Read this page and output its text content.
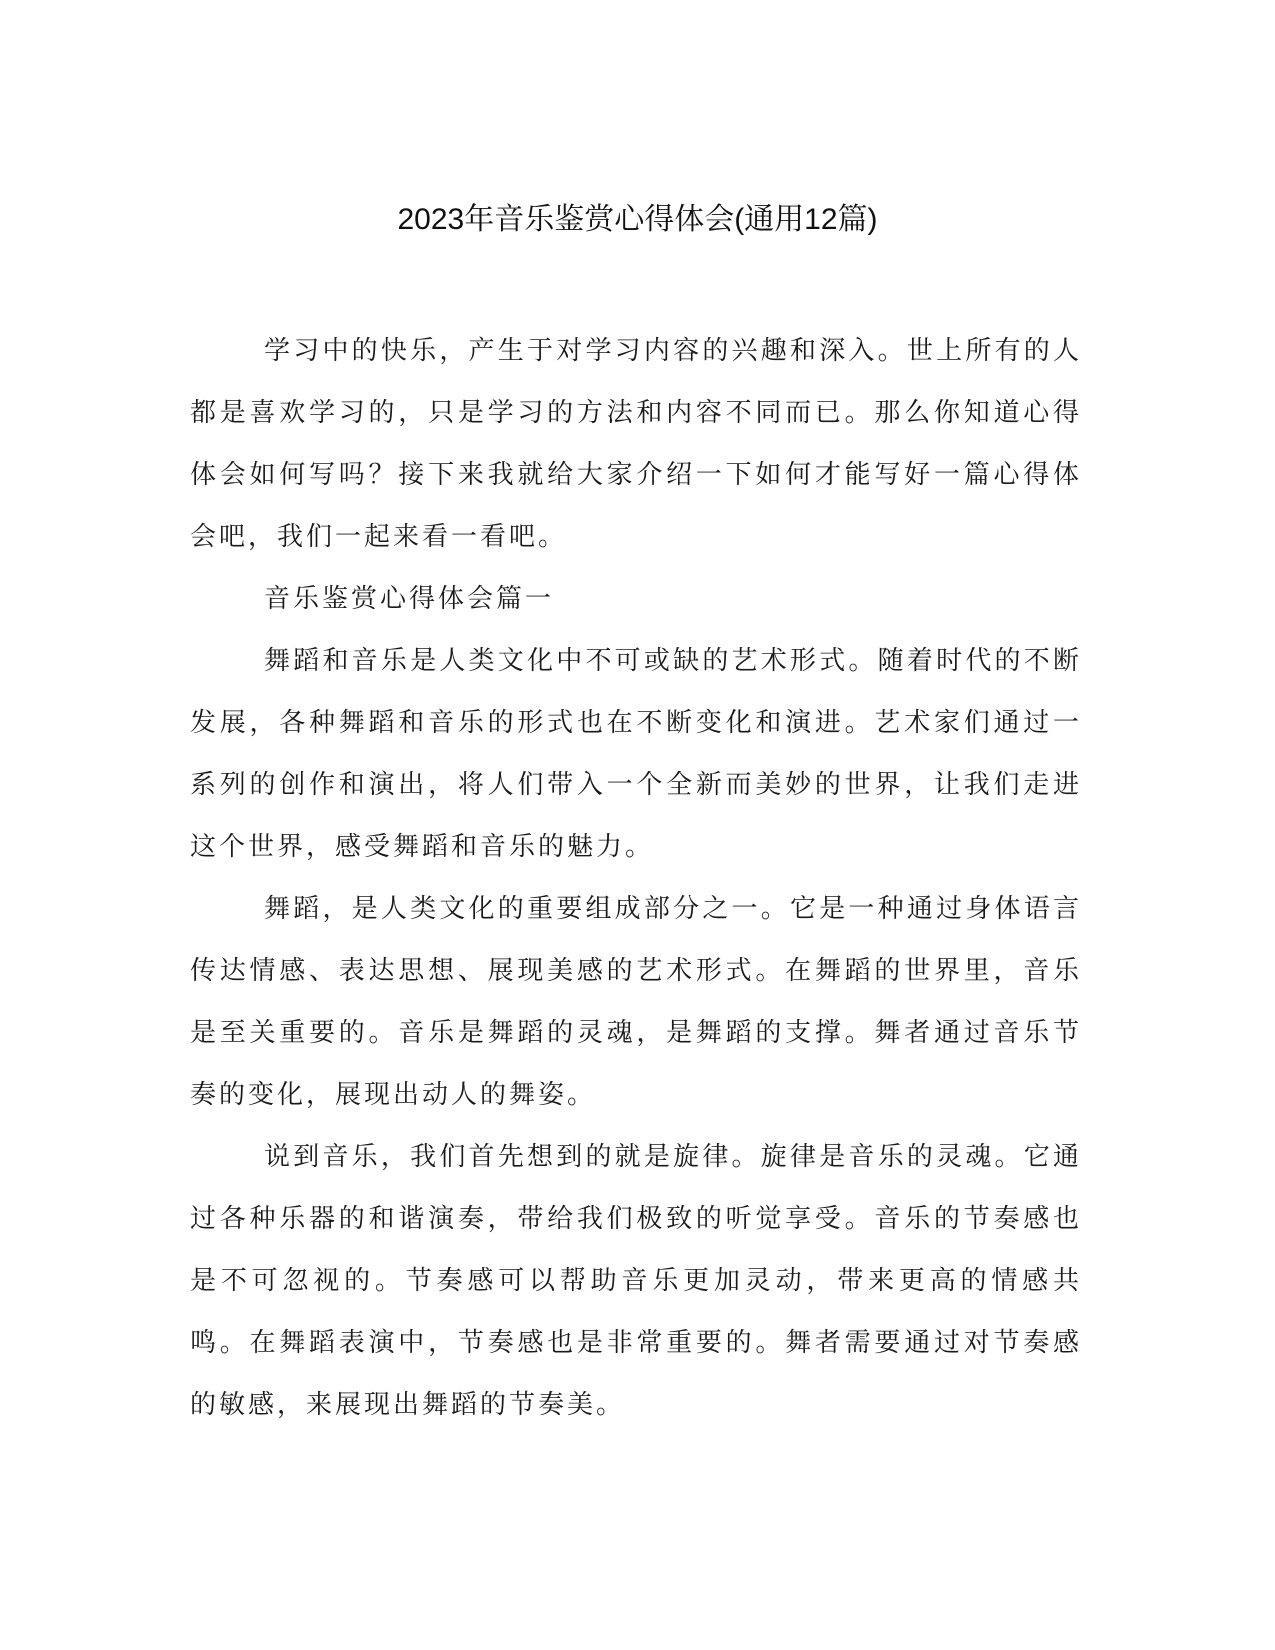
2023年音乐鉴赏心得体会(通用12篇)

学习中的快乐，产生于对学习内容的兴趣和深入。世上所有的人都是喜欢学习的，只是学习的方法和内容不同而已。那么你知道心得体会如何写吗？接下来我就给大家介绍一下如何才能写好一篇心得体会吧，我们一起来看一看吧。

音乐鉴赏心得体会篇一

舞蹈和音乐是人类文化中不可或缺的艺术形式。随着时代的不断发展，各种舞蹈和音乐的形式也在不断变化和演进。艺术家们通过一系列的创作和演出，将人们带入一个全新而美妙的世界，让我们走进这个世界，感受舞蹈和音乐的魅力。

舞蹈，是人类文化的重要组成部分之一。它是一种通过身体语言传达情感、表达思想、展现美感的艺术形式。在舞蹈的世界里，音乐是至关重要的。音乐是舞蹈的灵魂，是舞蹈的支撑。舞者通过音乐节奏的变化，展现出动人的舞姿。

说到音乐，我们首先想到的就是旋律。旋律是音乐的灵魂。它通过各种乐器的和谐演奏，带给我们极致的听觉享受。音乐的节奏感也是不可忽视的。节奏感可以帮助音乐更加灵动，带来更高的情感共鸣。在舞蹈表演中，节奏感也是非常重要的。舞者需要通过对节奏感的敏感，来展现出舞蹈的节奏美。
